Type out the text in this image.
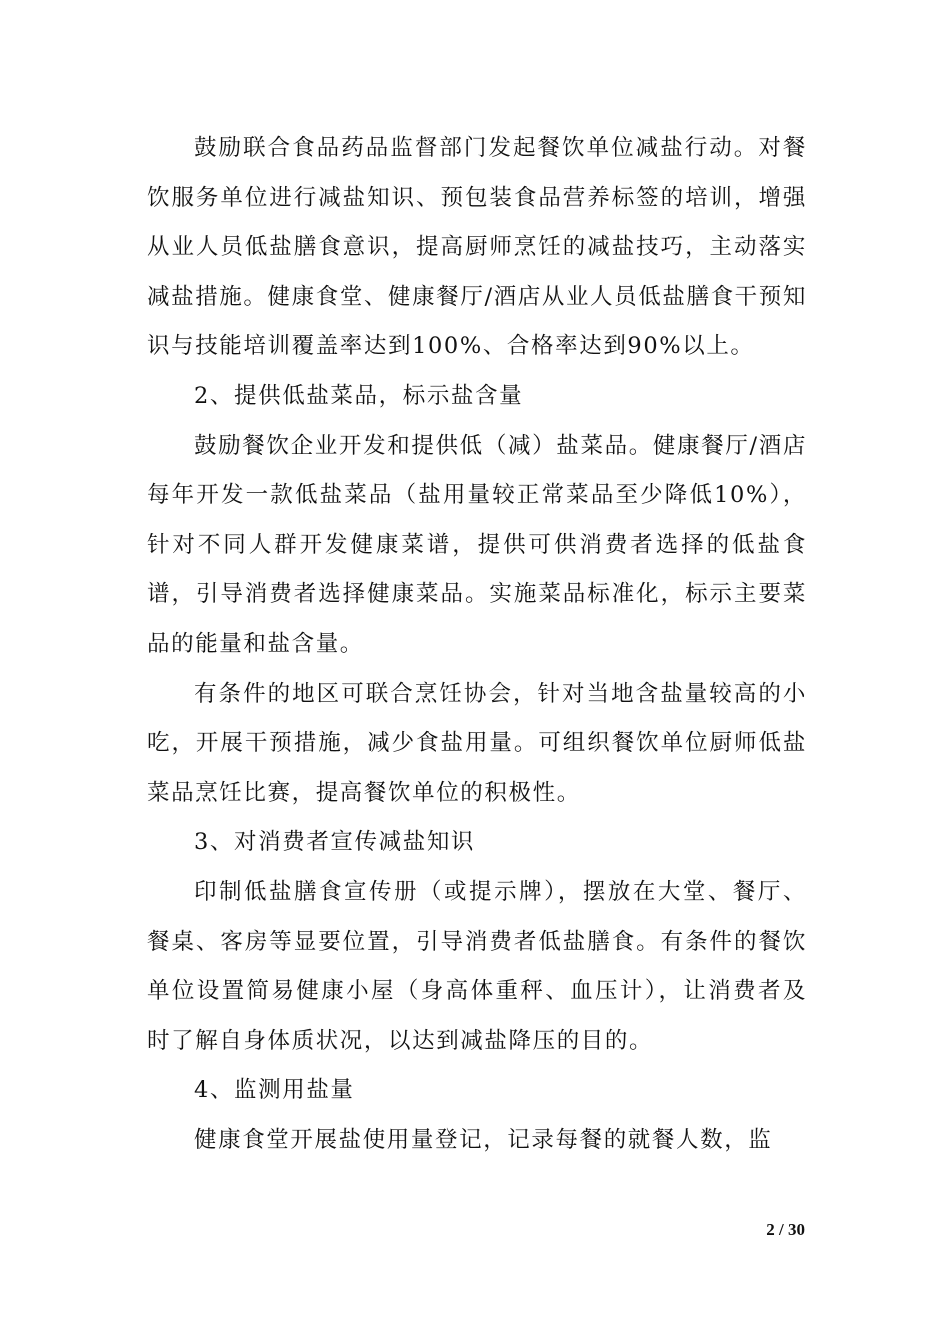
鼓励联合食品药品监督部门发起餐饮单位减盐行动。对餐饮服务单位进行减盐知识、预包装食品营养标签的培训，增强从业人员低盐膳食意识，提高厨师烹饪的减盐技巧，主动落实减盐措施。健康食堂、健康餐厅/酒店从业人员低盐膳食干预知识与技能培训覆盖率达到100%、合格率达到90%以上。

2、提供低盐菜品，标示盐含量

鼓励餐饮企业开发和提供低（减）盐菜品。健康餐厅/酒店每年开发一款低盐菜品（盐用量较正常菜品至少降低10%），针对不同人群开发健康菜谱，提供可供消费者选择的低盐食谱，引导消费者选择健康菜品。实施菜品标准化，标示主要菜品的能量和盐含量。

有条件的地区可联合烹饪协会，针对当地含盐量较高的小吃，开展干预措施，减少食盐用量。可组织餐饮单位厨师低盐菜品烹饪比赛，提高餐饮单位的积极性。

3、对消费者宣传减盐知识

印制低盐膳食宣传册（或提示牌），摆放在大堂、餐厅、餐桌、客房等显要位置，引导消费者低盐膳食。有条件的餐饮单位设置简易健康小屋（身高体重秤、血压计），让消费者及时了解自身体质状况，以达到减盐降压的目的。

4、监测用盐量

健康食堂开展盐使用量登记，记录每餐的就餐人数，监

2 / 30
